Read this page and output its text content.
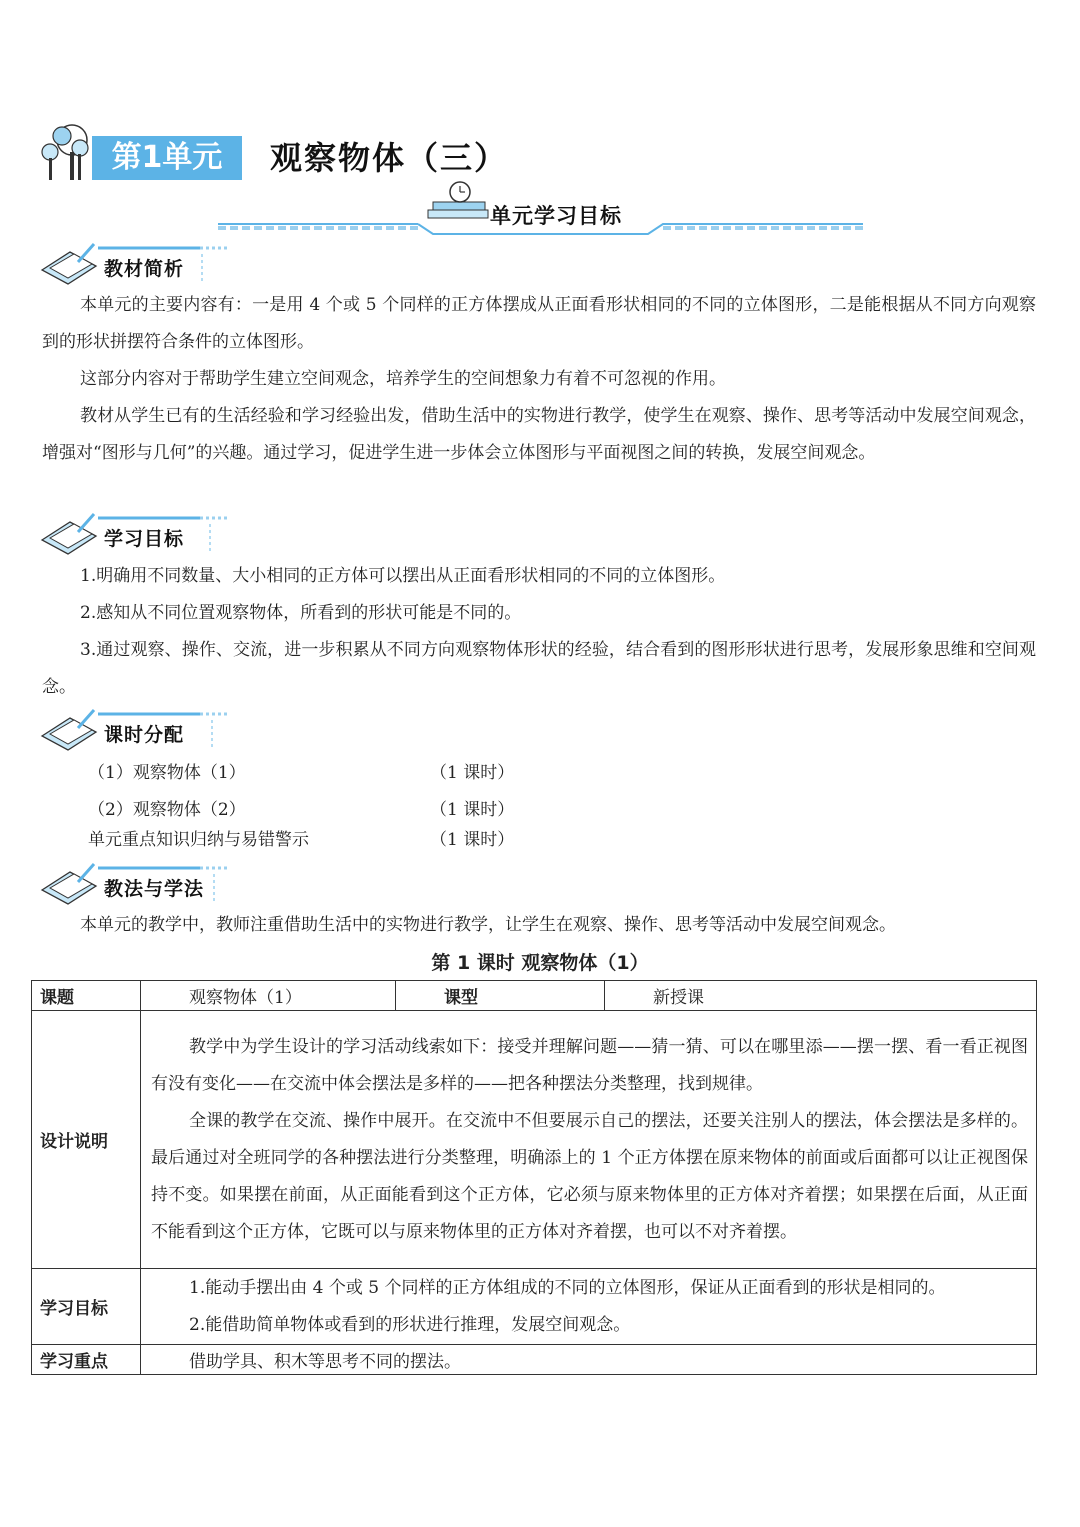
第1单元	观察物体（三）
单元学习目标
教材简析

本单元的主要内容有：一是用 4 个或 5 个同样的正方体摆成从正面看形状相同的不同的立体图形，二是能根据从不同方向观察到的形状拼摆符合条件的立体图形。

这部分内容对于帮助学生建立空间观念，培养学生的空间想象力有着不可忽视的作用。

教材从学生已有的生活经验和学习经验出发，借助生活中的实物进行教学，使学生在观察、操作、思考等活动中发展空间观念，增强对“图形与几何”的兴趣。通过学习，促进学生进一步体会立体图形与平面视图之间的转换，发展空间观念。

学习目标

1.明确用不同数量、大小相同的正方体可以摆出从正面看形状相同的不同的立体图形。

2.感知从不同位置观察物体，所看到的形状可能是不同的。

3.通过观察、操作、交流，进一步积累从不同方向观察物体形状的经验，结合看到的图形形状进行思考，发展形象思维和空间观念。

课时分配
（1）观察物体（1）	（1 课时）
（2）观察物体（2）	（1 课时）
单元重点知识归纳与易错警示	（1 课时）
教法与学法

本单元的教学中，教师注重借助生活中的实物进行教学，让学生在观察、操作、思考等活动中发展空间观念。

第 1 课时 观察物体（1）
课题	观察物体（1）	课型	新授课
设计说明	教学中为学生设计的学习活动线索如下：接受并理解问题——猜一猜、可以在哪里添——摆一摆、看一看正视图有没有变化——在交流中体会摆法是多样的——把各种摆法分类整理，找到规律。

全课的教学在交流、操作中展开。在交流中不但要展示自己的摆法，还要关注别人的摆法，体会摆法是多样的。最后通过对全班同学的各种摆法进行分类整理，明确添上的 1 个正方体摆在原来物体的前面或后面都可以让正视图保持不变。如果摆在前面，从正面能看到这个正方体，它必须与原来物体里的正方体对齐着摆；如果摆在后面，从正面不能看到这个正方体，它既可以与原来物体里的正方体对齐着摆，也可以不对齐着摆。		

学习目标	1.能动手摆出由 4 个或 5 个同样的正方体组成的不同的立体图形，保证从正面看到的形状是相同的。

2.能借助简单物体或看到的形状进行推理，发展空间观念。		

学习重点	借助学具、积木等思考不同的摆法。		
